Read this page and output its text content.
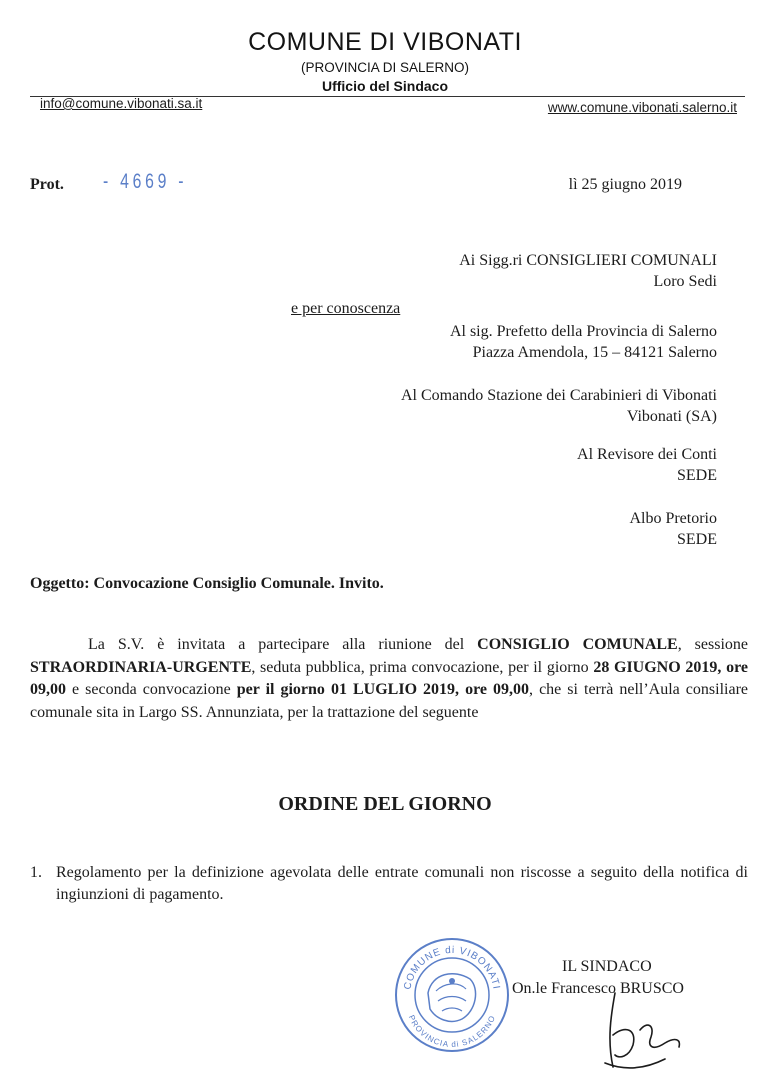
COMUNE DI VIBONATI
(PROVINCIA DI SALERNO)
Ufficio del Sindaco
info@comune.vibonati.sa.it	www.comune.vibonati.salerno.it
Prot. - 4669 -	lì 25 giugno 2019
Ai Sigg.ri CONSIGLIERI COMUNALI
Loro Sedi
e per conoscenza
Al sig. Prefetto della Provincia di Salerno
Piazza Amendola, 15 – 84121 Salerno
Al Comando Stazione dei Carabinieri di Vibonati
Vibonati (SA)
Al Revisore dei Conti
SEDE
Albo Pretorio
SEDE
Oggetto: Convocazione Consiglio Comunale. Invito.
La S.V. è invitata a partecipare alla riunione del CONSIGLIO COMUNALE, sessione STRAORDINARIA-URGENTE, seduta pubblica, prima convocazione, per il giorno 28 GIUGNO 2019, ore 09,00 e seconda convocazione per il giorno 01 LUGLIO 2019, ore 09,00, che si terrà nell’Aula consiliare comunale sita in Largo SS. Annunziata, per la trattazione del seguente
ORDINE DEL GIORNO
1. Regolamento per la definizione agevolata delle entrate comunali non riscosse a seguito della notifica di ingiunzioni di pagamento.
COMUNE di VIBONATI
PROVINCIA di SALERNO
IL SINDACO
On.le Francesco BRUSCO
